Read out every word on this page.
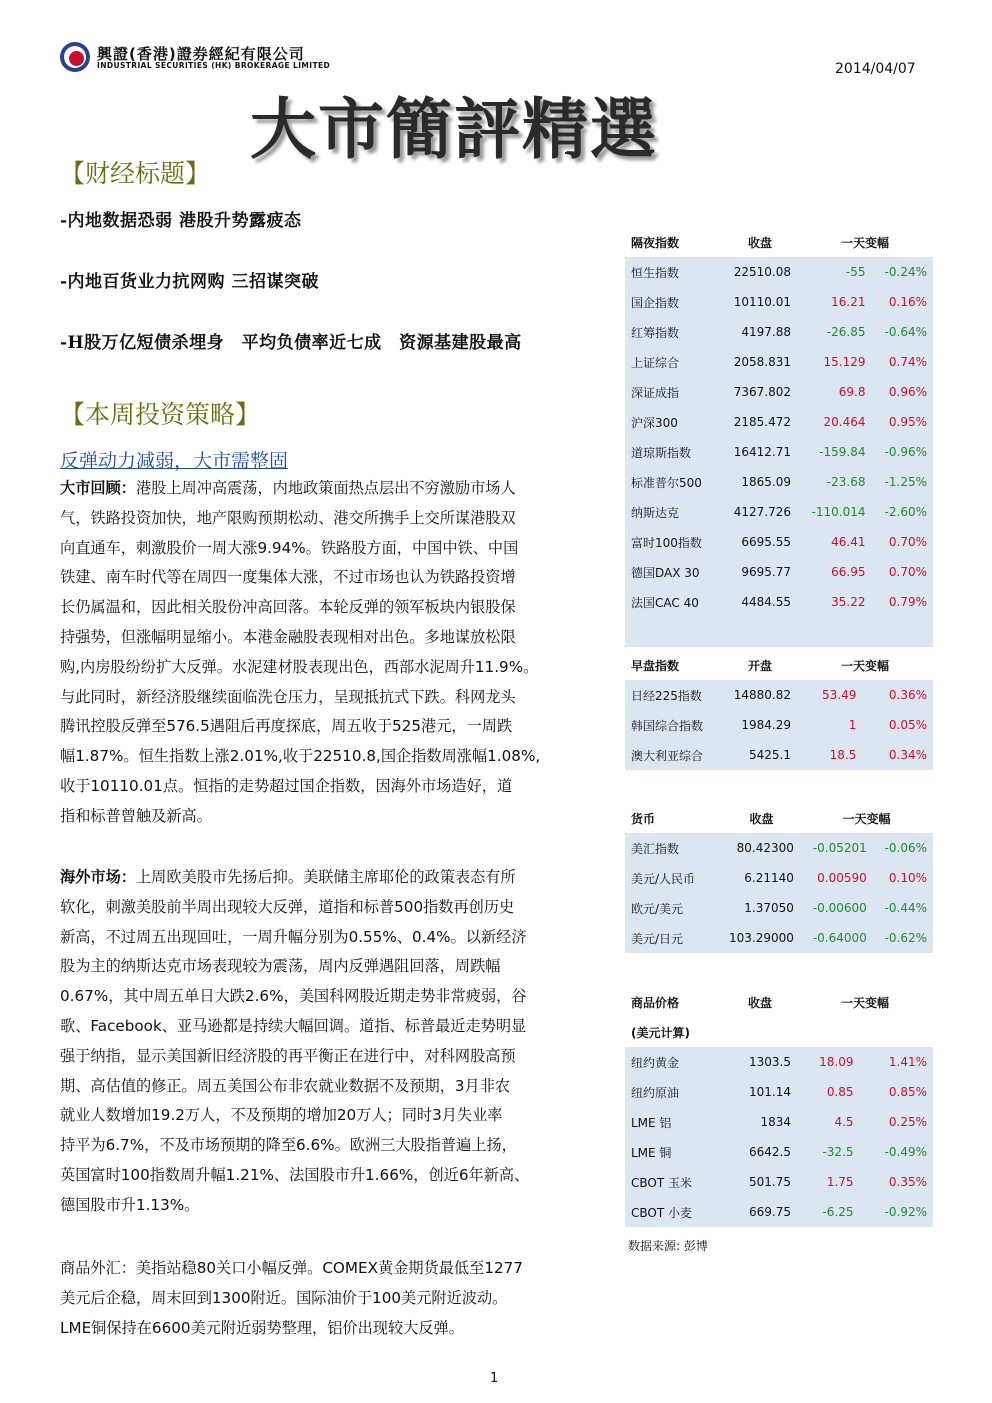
興證(香港)證券經紀有限公司
INDUSTRIAL SECURITIES (HK) BROKERAGE LIMITED	2014/04/07
大市簡評精選
【财经标题】
-内地数据恐弱 港股升势露疲态
-内地百货业力抗网购 三招谋突破
-H股万亿短债杀埋身　平均负债率近七成　资源基建股最高
【本周投资策略】
反弹动力减弱，大市需整固
大市回顾：港股上周冲高震荡，内地政策面热点层出不穷激励市场人
气，铁路投资加快，地产限购预期松动、港交所携手上交所谋港股双
向直通车，刺激股价一周大涨9.94%。铁路股方面，中国中铁、中国
铁建、南车时代等在周四一度集体大涨，不过市场也认为铁路投资增
长仍属温和，因此相关股份冲高回落。本轮反弹的领军板块内银股保
持强势，但涨幅明显缩小。本港金融股表现相对出色。多地谋放松限
购,内房股纷纷扩大反弹。水泥建材股表现出色，西部水泥周升11.9%。
与此同时，新经济股继续面临洗仓压力，呈现抵抗式下跌。科网龙头
腾讯控股反弹至576.5遇阻后再度探底，周五收于525港元，一周跌
幅1.87%。恒生指数上涨2.01%,收于22510.8,国企指数周涨幅1.08%,
收于10110.01点。恒指的走势超过国企指数，因海外市场造好，道
指和标普曾触及新高。
海外市场：上周欧美股市先扬后抑。美联储主席耶伦的政策表态有所
软化，刺激美股前半周出现较大反弹，道指和标普500指数再创历史
新高，不过周五出现回吐，一周升幅分别为0.55%、0.4%。以新经济
股为主的纳斯达克市场表现较为震荡，周内反弹遇阻回落，周跌幅
0.67%，其中周五单日大跌2.6%，美国科网股近期走势非常疲弱，谷
歌、Facebook、亚马逊都是持续大幅回调。道指、标普最近走势明显
强于纳指，显示美国新旧经济股的再平衡正在进行中，对科网股高预
期、高估值的修正。周五美国公布非农就业数据不及预期，3月非农
就业人数增加19.2万人，不及预期的增加20万人；同时3月失业率
持平为6.7%，不及市场预期的降至6.6%。欧洲三大股指普遍上扬，
英国富时100指数周升幅1.21%、法国股市升1.66%，创近6年新高、
德国股市升1.13%。
商品外汇：美指站稳80关口小幅反弹。COMEX黄金期货最低至1277
美元后企稳，周末回到1300附近。国际油价于100美元附近波动。
LME铜保持在6600美元附近弱势整理，铝价出现较大反弹。
隔夜指数	收盘	一天变幅	
恒生指数	22510.08	-55	-0.24%
国企指数	10110.01	16.21	0.16%
红筹指数	4197.88	-26.85	-0.64%
上证综合	2058.831	15.129	0.74%
深证成指	7367.802	69.8	0.96%
沪深300	2185.472	20.464	0.95%
道琼斯指数	16412.71	-159.84	-0.96%
标准普尔500	1865.09	-23.68	-1.25%
纳斯达克	4127.726	-110.014	-2.60%
富时100指数	6695.55	46.41	0.70%
德国DAX 30	9695.77	66.95	0.70%
法国CAC 40	4484.55	35.22	0.79%

早盘指数	开盘	一天变幅	
日经225指数	14880.82	53.49	0.36%
韩国综合指数	1984.29	1	0.05%
澳大利亚综合	5425.1	18.5	0.34%
货币	收盘	一天变幅	
美汇指数	80.42300	-0.05201	-0.06%
美元/人民币	6.21140	0.00590	0.10%
欧元/美元	1.37050	-0.00600	-0.44%
美元/日元	103.29000	-0.64000	-0.62%
商品价格	收盘	一天变幅	
(美元计算)			
纽约黄金	1303.5	18.09	1.41%
纽约原油	101.14	0.85	0.85%
LME 铝	1834	4.5	0.25%
LME 铜	6642.5	-32.5	-0.49%
CBOT 玉米	501.75	1.75	0.35%
CBOT 小麦	669.75	-6.25	-0.92%
数据来源: 彭博
1
